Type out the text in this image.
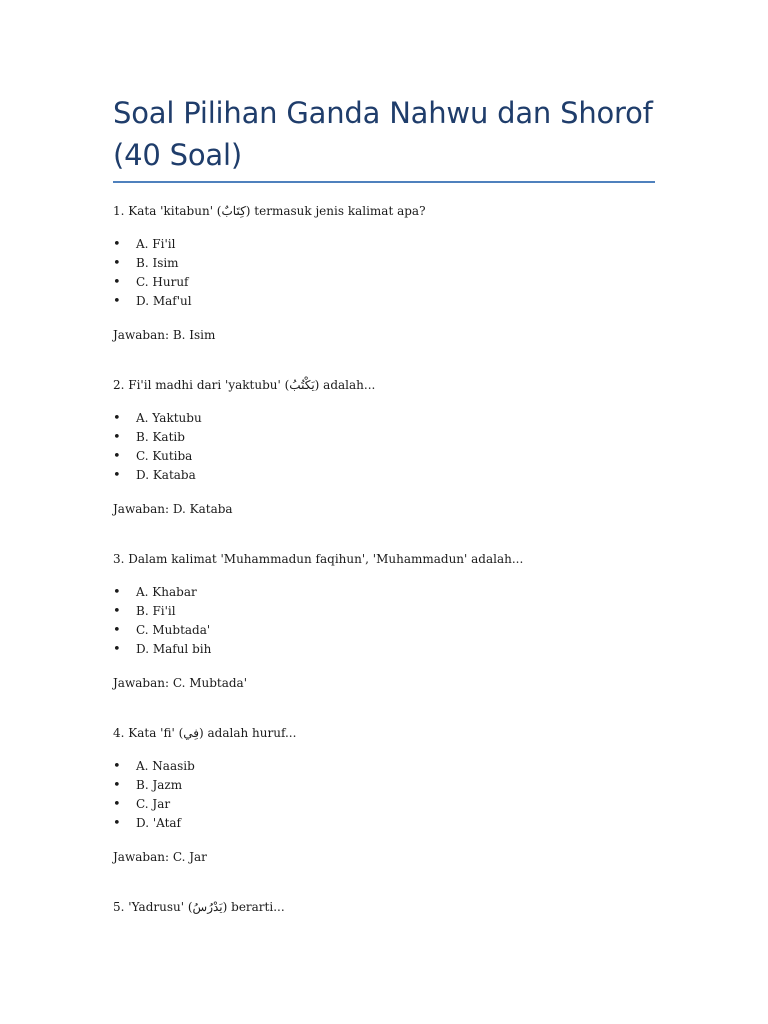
Soal Pilihan Ganda Nahwu dan Shorof (40 Soal)

1. Kata 'kitabun' (كِتَابٌ) termasuk jenis kalimat apa?

• A. Fi'il
• B. Isim
• C. Huruf
• D. Maf'ul

Jawaban: B. Isim

2. Fi'il madhi dari 'yaktubu' (يَكْتُبُ) adalah...

• A. Yaktubu
• B. Katib
• C. Kutiba
• D. Kataba

Jawaban: D. Kataba

3. Dalam kalimat 'Muhammadun faqihun', 'Muhammadun' adalah...

• A. Khabar
• B. Fi'il
• C. Mubtada'
• D. Maful bih

Jawaban: C. Mubtada'

4. Kata 'fi' (فِي) adalah huruf...

• A. Naasib
• B. Jazm
• C. Jar
• D. 'Ataf

Jawaban: C. Jar

5. 'Yadrusu' (يَدْرُسُ) berarti...
